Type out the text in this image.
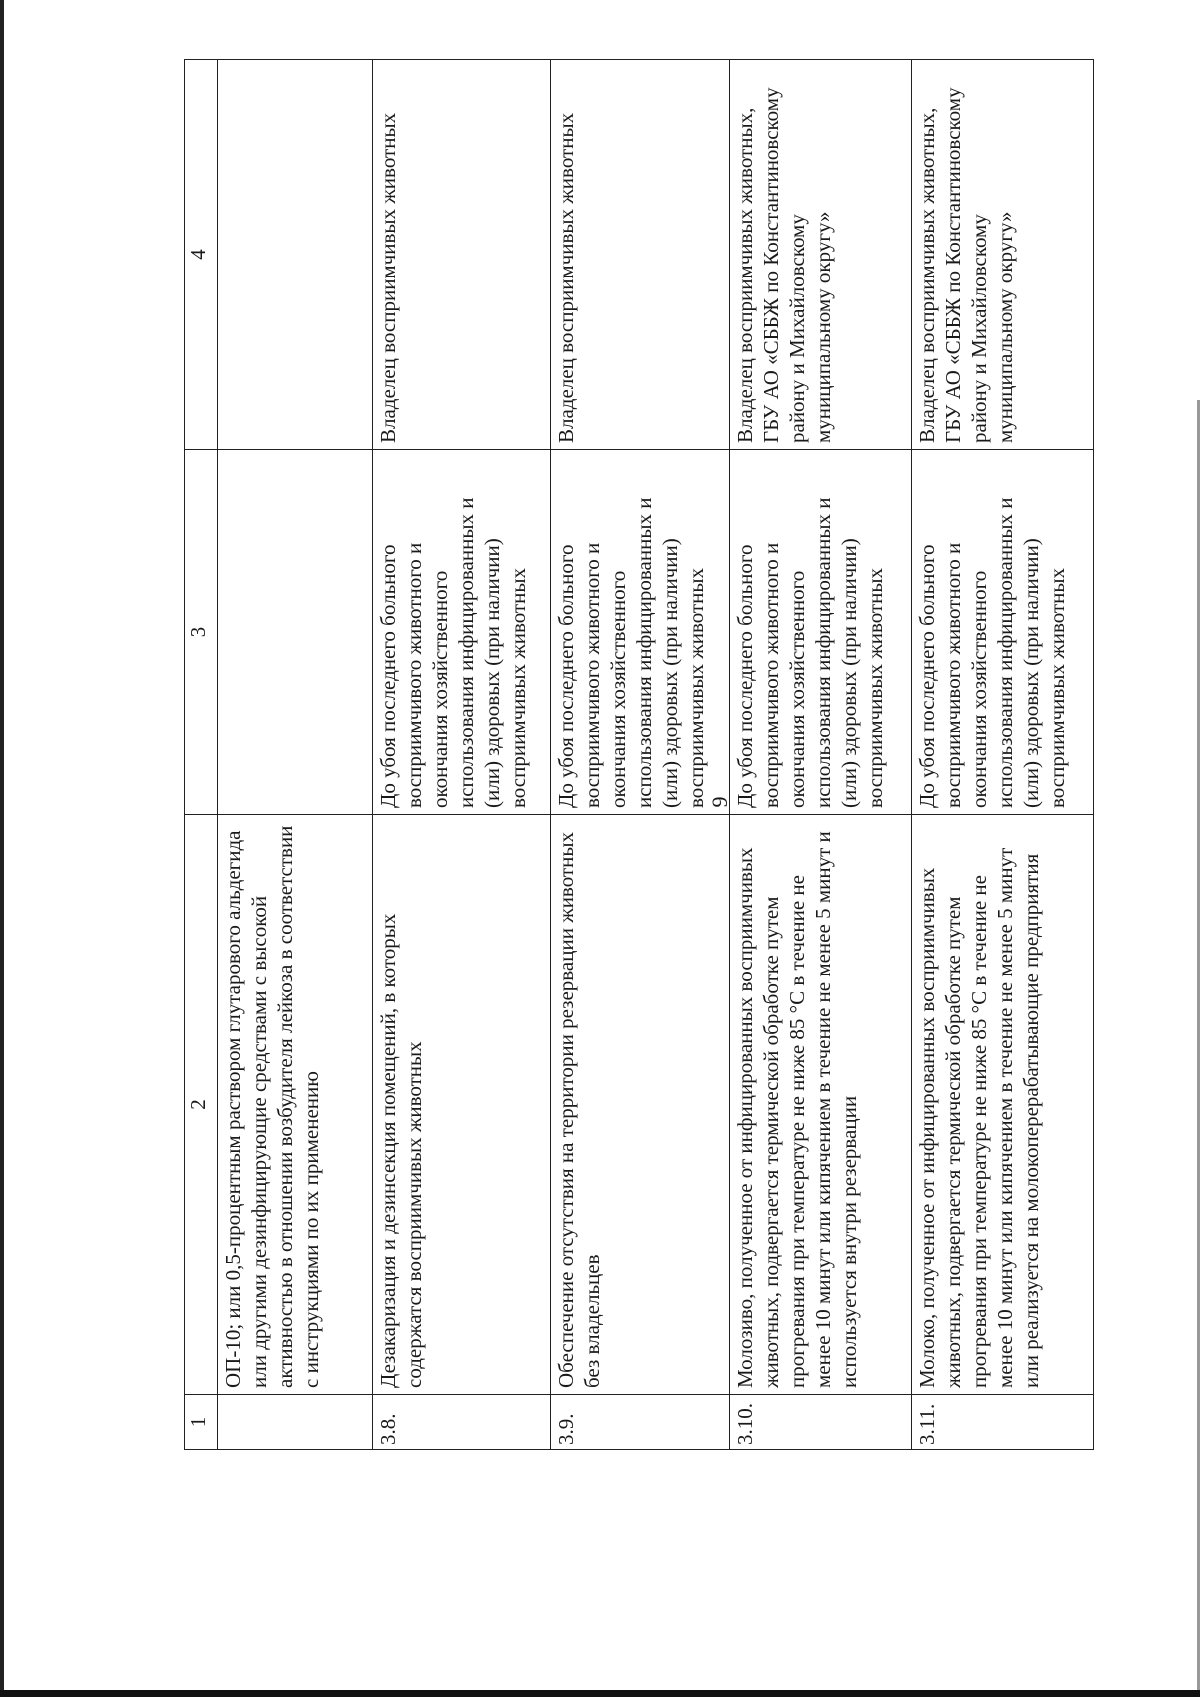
9
1	2	3	4
	ОП-10; или 0,5-процентным раствором глутарового альдегида или другими дезинфицирующие средствами с высокой активностью в отношении возбудителя лейкоза в соответствии с инструкциями по их применению		
3.8.	Дезакаризация и дезинсекция помещений, в которых содержатся восприимчивых животных	До убоя последнего больного восприимчивого животного и окончания хозяйственного использования инфицированных и (или) здоровых (при наличии) восприимчивых животных	Владелец восприимчивых животных
3.9.	Обеспечение отсутствия на территории резервации животных без владельцев	До убоя последнего больного восприимчивого животного и окончания хозяйственного использования инфицированных и (или) здоровых (при наличии) восприимчивых животных	Владелец восприимчивых животных
3.10.	Молозиво, полученное от инфицированных восприимчивых животных, подвергается термической обработке путем прогревания при температуре не ниже 85 °С в течение не менее 10 минут или кипячением в течение не менее 5 минут и используется внутри резервации	До убоя последнего больного восприимчивого животного и окончания хозяйственного использования инфицированных и (или) здоровых (при наличии) восприимчивых животных	Владелец восприимчивых животных, ГБУ АО «СББЖ по Константиновскому району и Михайловскому муниципальному округу»
3.11.	Молоко, полученное от инфицированных восприимчивых животных, подвергается термической обработке путем прогревания при температуре не ниже 85 °С в течение не менее 10 минут или кипячением в течение не менее 5 минут или реализуется на молокоперерабатывающие предприятия	До убоя последнего больного восприимчивого животного и окончания хозяйственного использования инфицированных и (или) здоровых (при наличии) восприимчивых животных	Владелец восприимчивых животных, ГБУ АО «СББЖ по Константиновскому району и Михайловскому муниципальному округу»
